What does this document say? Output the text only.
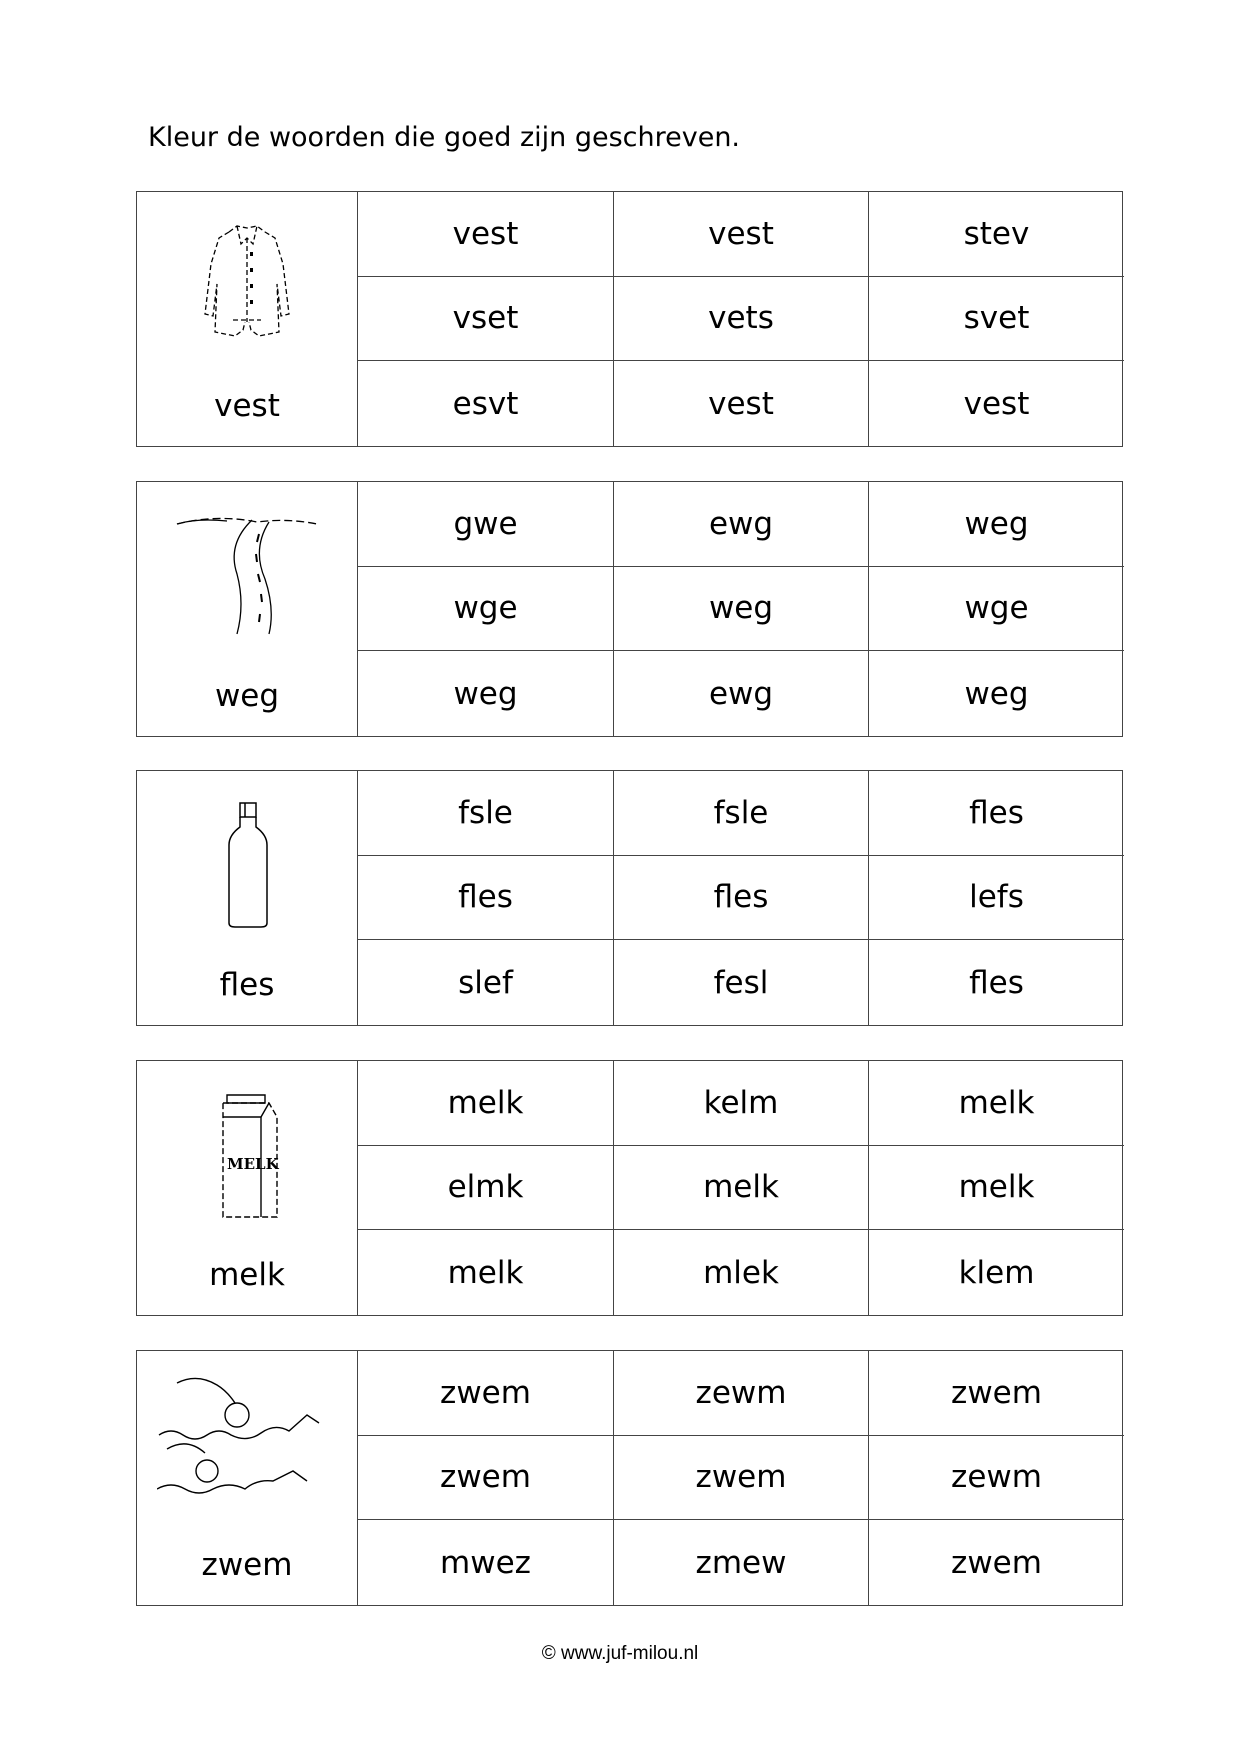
Kleur de woorden die goed zijn geschreven.
vest
vest	vest	stev
vset	vets	svet
esvt	vest	vest
weg
gwe	ewg	weg
wge	weg	wge
weg	ewg	weg
fles
fsle	fsle	fles
fles	fles	lefs
slef	fesl	fles
MELK
melk
melk	kelm	melk
elmk	melk	melk
melk	mlek	klem
zwem
zwem	zewm	zwem
zwem	zwem	zewm
mwez	zmew	zwem
© www.juf-milou.nl
